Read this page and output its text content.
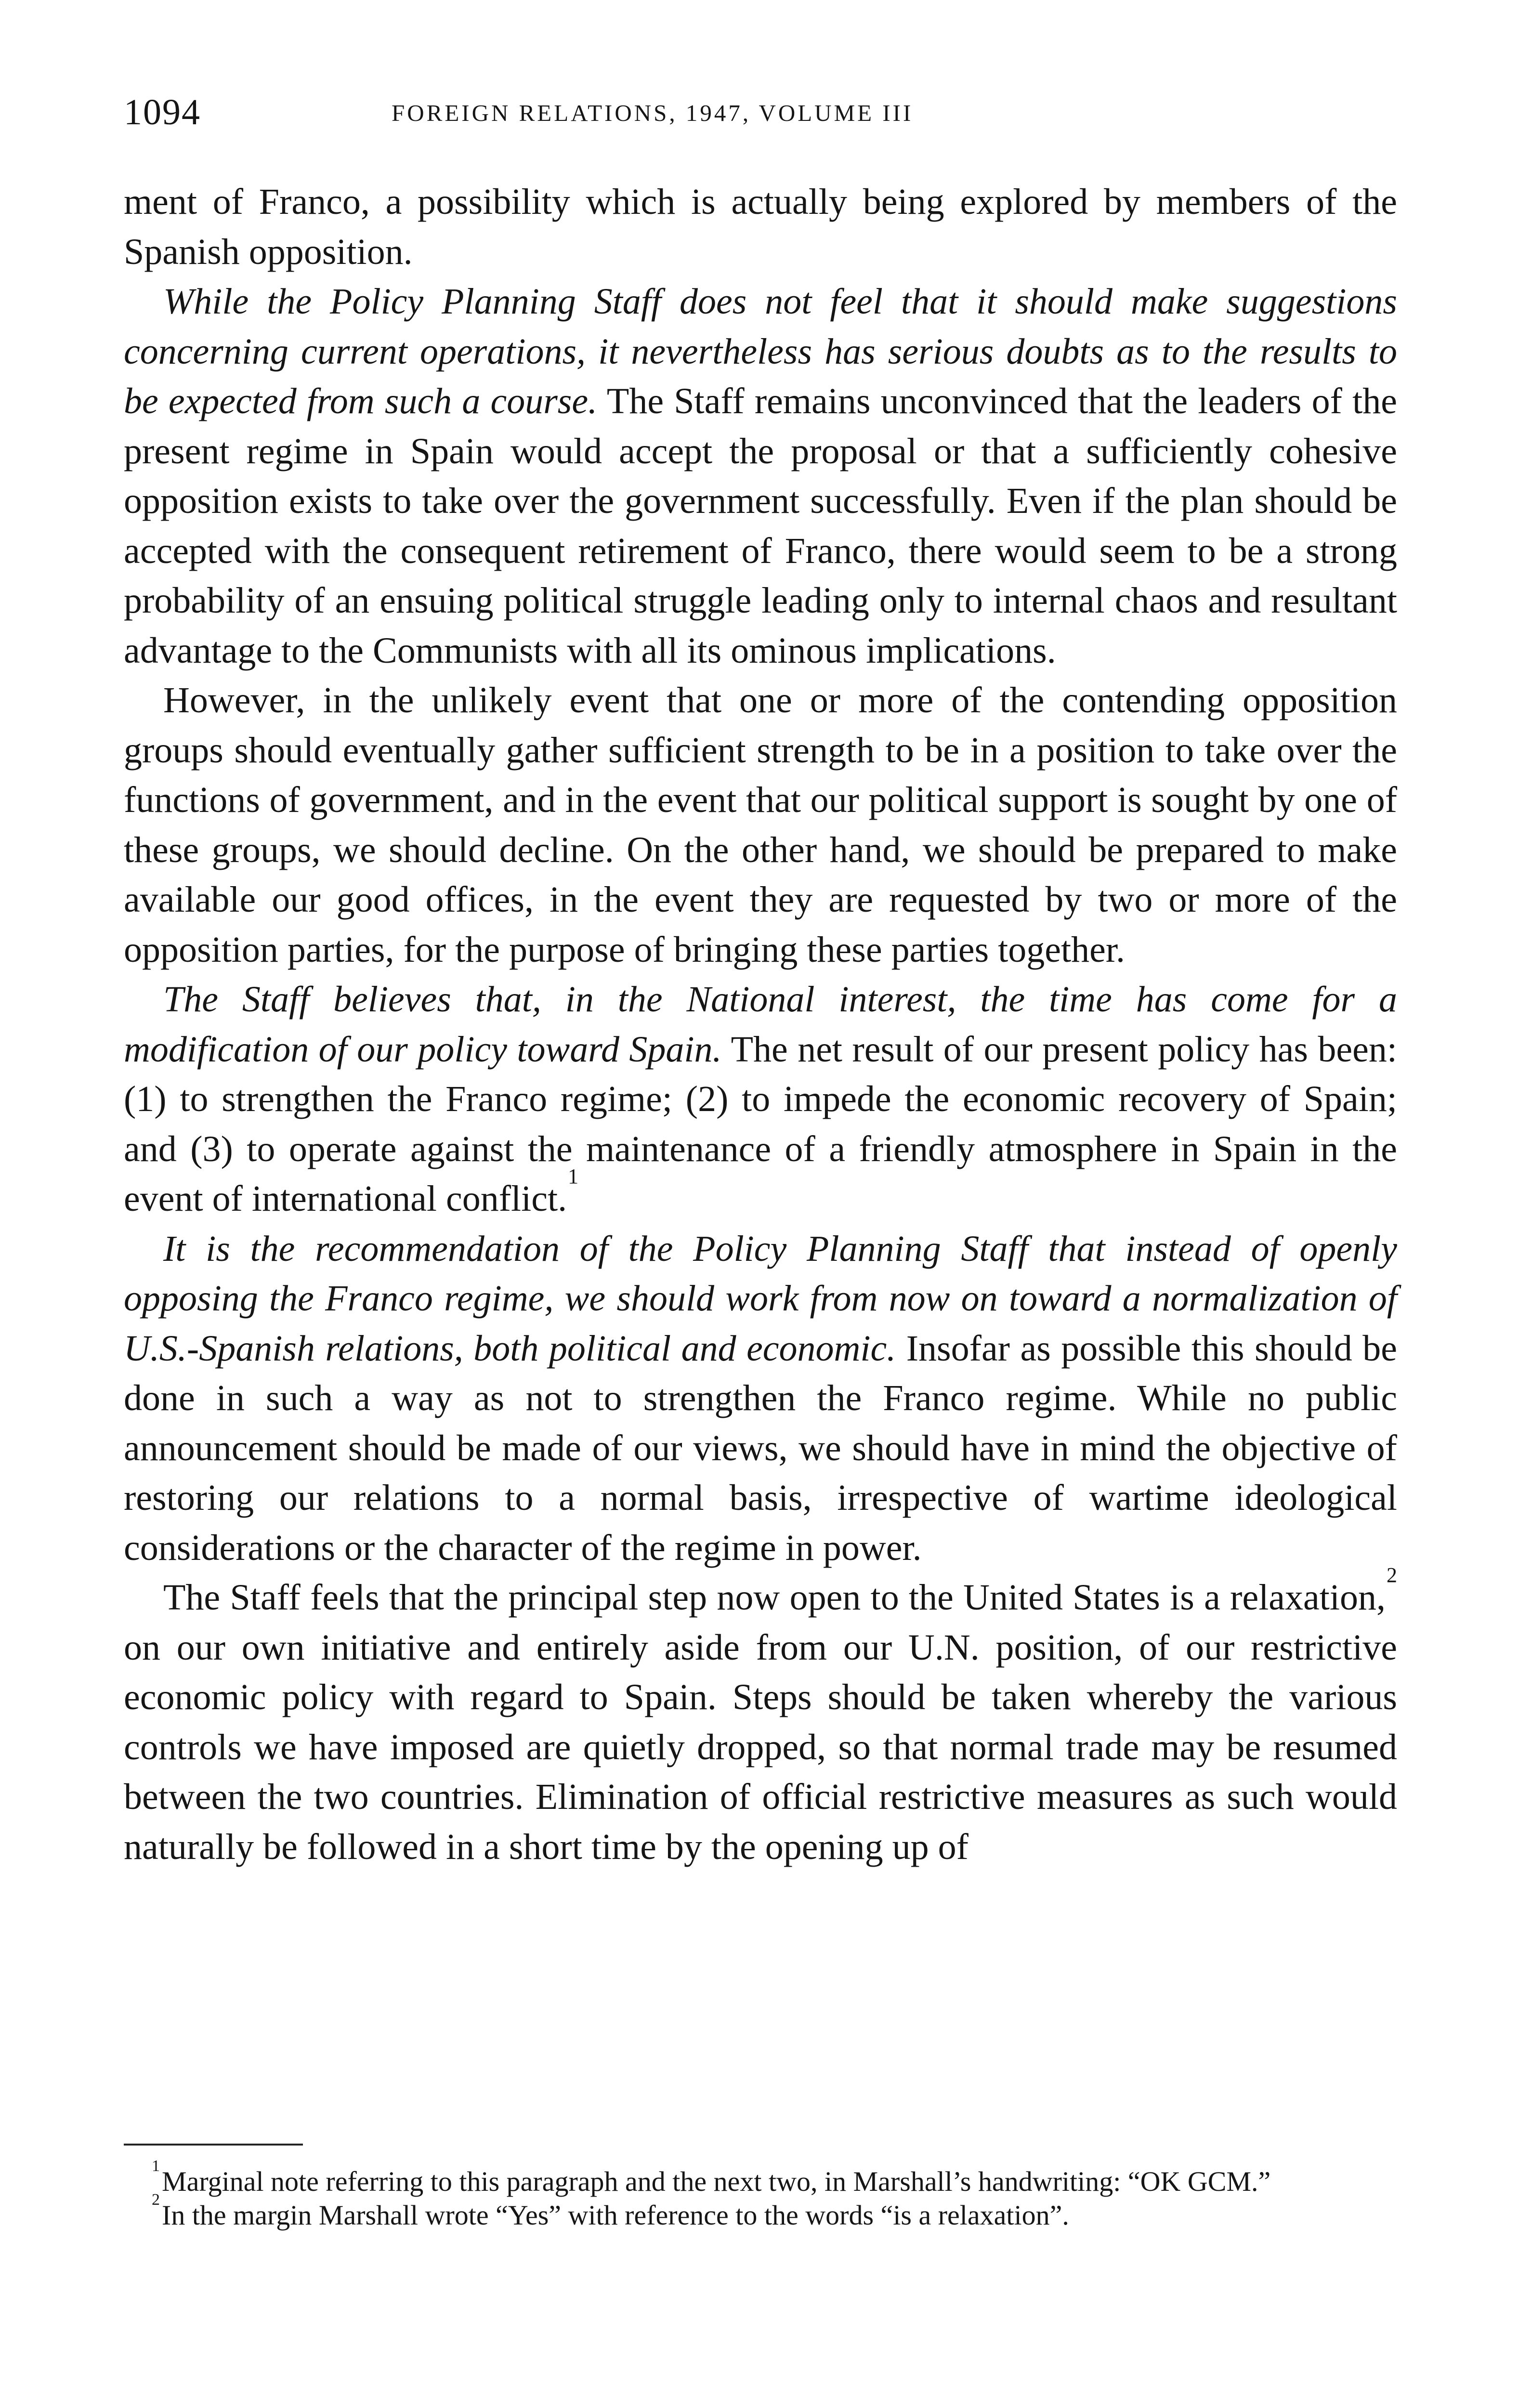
1094	FOREIGN RELATIONS, 1947, VOLUME III

ment of Franco, a possibility which is actually being explored by members of the Spanish opposition.

While the Policy Planning Staff does not feel that it should make suggestions concerning current operations, it nevertheless has serious doubts as to the results to be expected from such a course. The Staff remains unconvinced that the leaders of the present regime in Spain would accept the proposal or that a sufficiently cohesive opposition exists to take over the government successfully. Even if the plan should be accepted with the consequent retirement of Franco, there would seem to be a strong probability of an ensuing political struggle leading only to internal chaos and resultant advantage to the Communists with all its ominous implications.

However, in the unlikely event that one or more of the contending opposition groups should eventually gather sufficient strength to be in a position to take over the functions of government, and in the event that our political support is sought by one of these groups, we should decline. On the other hand, we should be prepared to make available our good offices, in the event they are requested by two or more of the opposition parties, for the purpose of bringing these parties together.

The Staff believes that, in the National interest, the time has come for a modification of our policy toward Spain. The net result of our present policy has been: (1) to strengthen the Franco regime; (2) to impede the economic recovery of Spain; and (3) to operate against the maintenance of a friendly atmosphere in Spain in the event of international conflict.$^1$

It is the recommendation of the Policy Planning Staff that instead of openly opposing the Franco regime, we should work from now on toward a normalization of U.S.-Spanish relations, both political and economic. Insofar as possible this should be done in such a way as not to strengthen the Franco regime. While no public announcement should be made of our views, we should have in mind the objective of restoring our relations to a normal basis, irrespective of wartime ideological considerations or the character of the regime in power.

The Staff feels that the principal step now open to the United States is a relaxation,$^2$ on our own initiative and entirely aside from our U.N. position, of our restrictive economic policy with regard to Spain. Steps should be taken whereby the various controls we have imposed are quietly dropped, so that normal trade may be resumed between the two countries. Elimination of official restrictive measures as such would naturally be followed in a short time by the opening up of

$^1$Marginal note referring to this paragraph and the next two, in Marshall’s handwriting: “OK GCM.”

$^2$In the margin Marshall wrote “Yes” with reference to the words “is a relaxation”.
